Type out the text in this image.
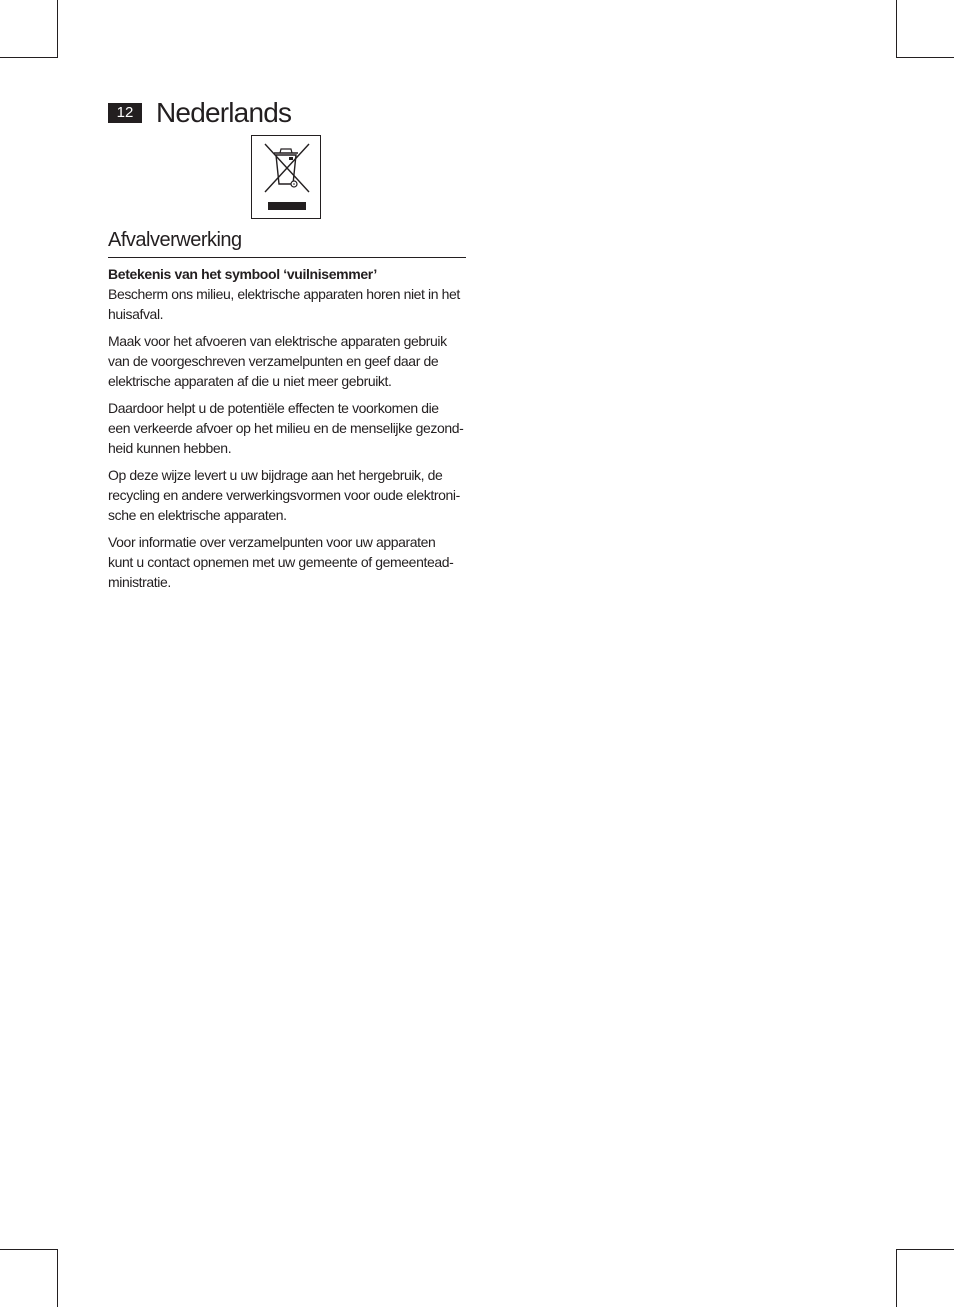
12 Nederlands
Afvalverwerking

Betekenis van het symbool ‘vuilnisemmer’

Bescherm ons milieu, elektrische apparaten horen niet in het
huisafval.

Maak voor het afvoeren van elektrische apparaten gebruik
van de voorgeschreven verzamelpunten en geef daar de
elektrische apparaten af die u niet meer gebruikt.

Daardoor helpt u de potentiële effecten te voorkomen die
een verkeerde afvoer op het milieu en de menselijke gezond-
heid kunnen hebben.

Op deze wijze levert u uw bijdrage aan het hergebruik, de
recycling en andere verwerkingsvormen voor oude elektroni-
sche en elektrische apparaten.

Voor informatie over verzamelpunten voor uw apparaten
kunt u contact opnemen met uw gemeente of gemeentead-
ministratie.
